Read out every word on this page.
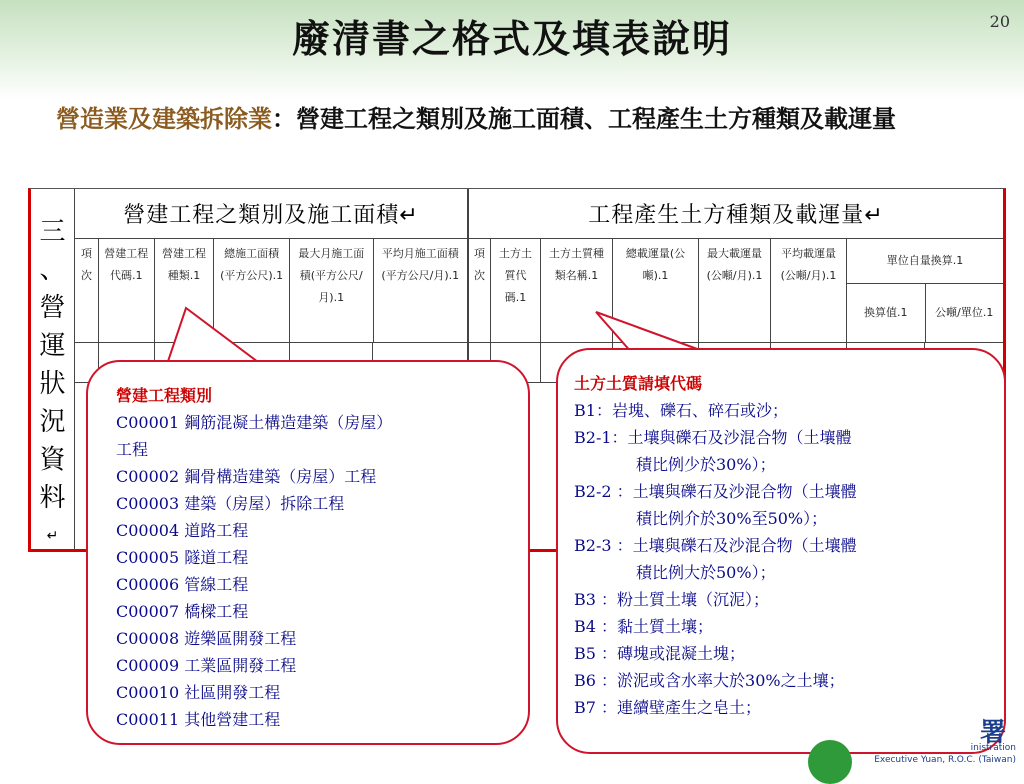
廢清書之格式及填表說明	20
營造業及建築拆除業：營建工程之類別及施工面積、工程產生土方種類及載運量
三
、
營
運
狀
況
資
料
↵
營建工程之類別及施工面積↵
項次
營建工程代碼.1
營建工程種類.1
總施工面積(平方公尺).1
最大月施工面積(平方公尺/月).1
平均月施工面積(平方公尺/月).1
工程產生土方種類及載運量↵
項次
土方土質代碼.1
土方土質種類名稱.1
總載運量(公噸).1
最大載運量(公噸/月).1
平均載運量(公噸/月).1
單位自量換算.1
換算值.1	公噸/單位.1
營建工程類別
C00001 鋼筋混凝土構造建築（房屋）
工程
C00002 鋼骨構造建築（房屋）工程
C00003 建築（房屋）拆除工程
C00004 道路工程
C00005 隧道工程
C00006 管線工程
C00007 橋樑工程
C00008 遊樂區開發工程
C00009 工業區開發工程
C00010 社區開發工程
C00011 其他營建工程
土方土質請填代碼
B1：岩塊、礫石、碎石或沙；
B2-1：土壤與礫石及沙混合物（土壤體
積比例少於30%）；
B2-2 ：土壤與礫石及沙混合物（土壤體
積比例介於30%至50%）；
B2-3 ：土壤與礫石及沙混合物（土壤體
積比例大於50%）；
B3 ：粉土質土壤（沉泥）；
B4 ：黏土質土壤；
B5 ：磚塊或混凝土塊；
B6 ：淤泥或含水率大於30%之土壤；
B7 ：連續壁產生之皂土；
署
inistration
Executive Yuan, R.O.C. (Taiwan)
